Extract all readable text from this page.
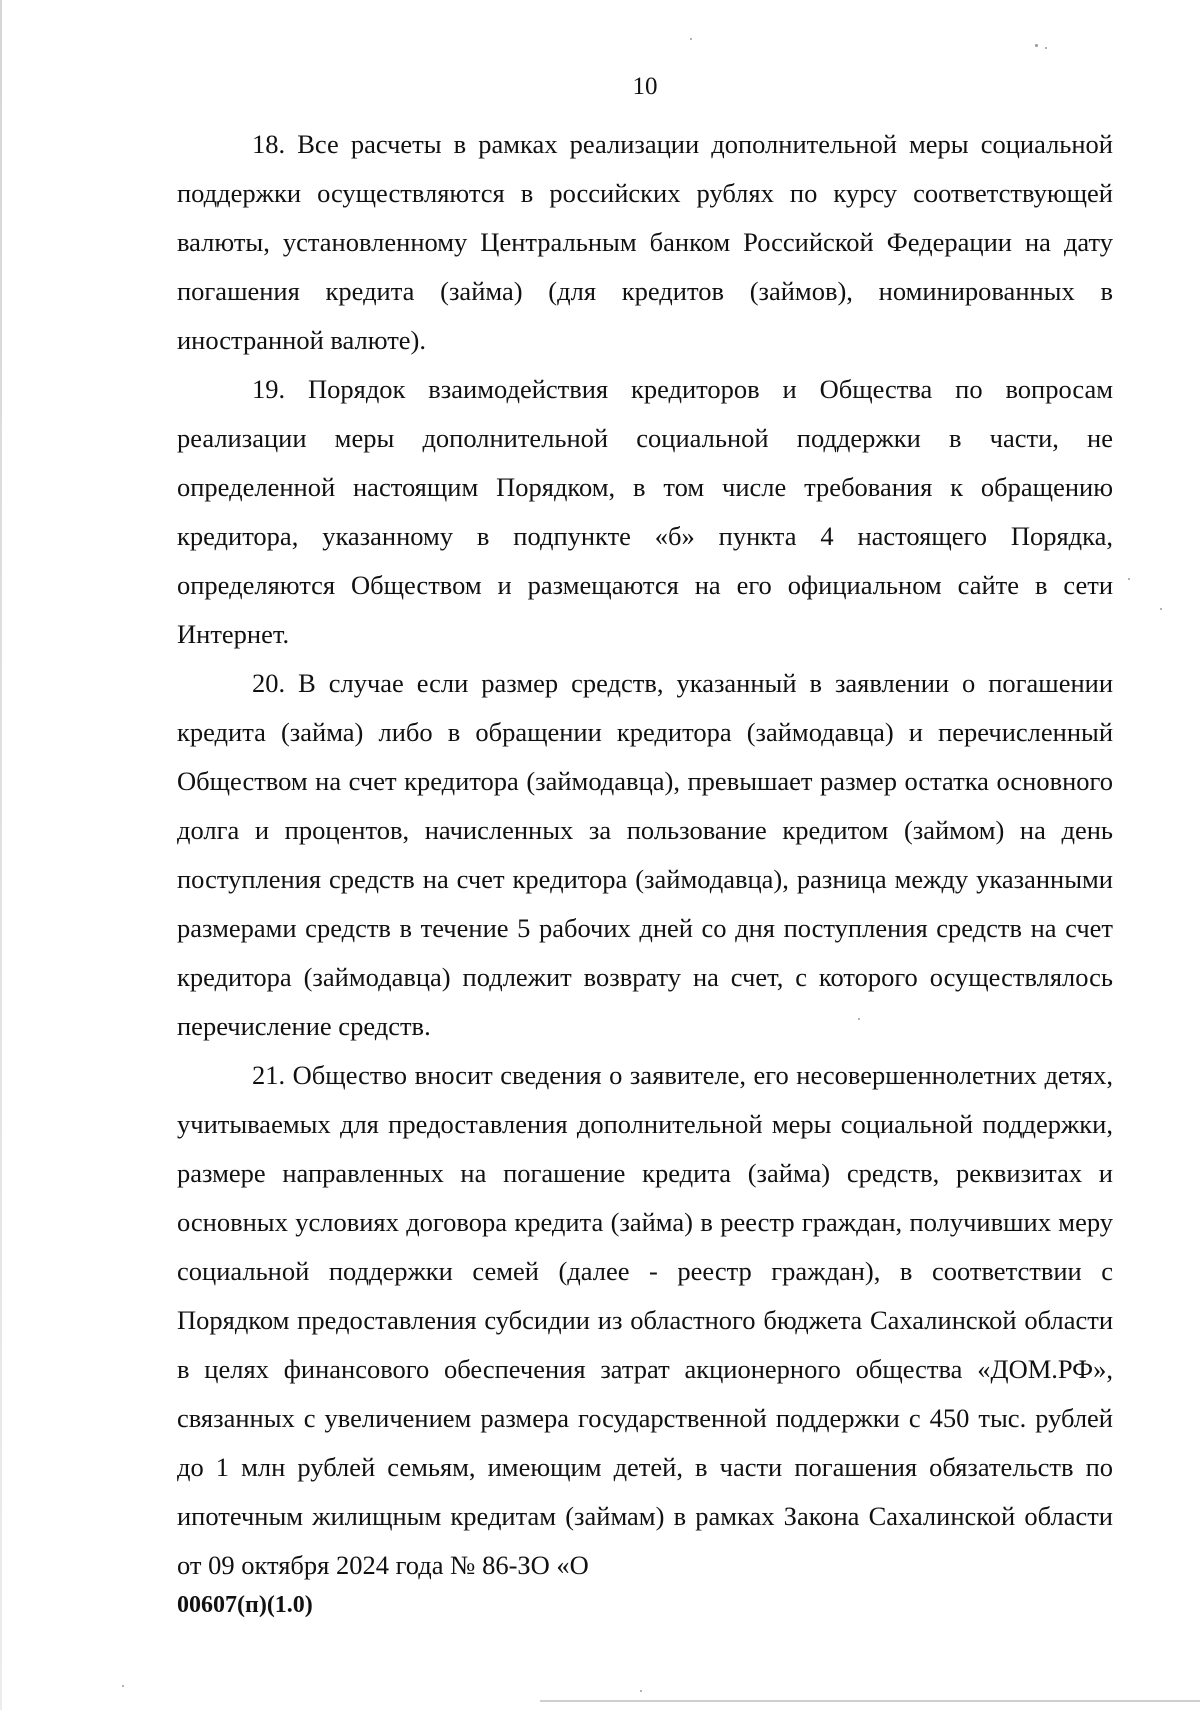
10

18. Все расчеты в рамках реализации дополнительной меры социальной поддержки осуществляются в российских рублях по курсу соответствующей валюты, установленному Центральным банком Российской Федерации на дату погашения кредита (займа) (для кредитов (займов), номинированных в иностранной валюте).

19. Порядок взаимодействия кредиторов и Общества по вопросам реализации меры дополнительной социальной поддержки в части, не определенной настоящим Порядком, в том числе требования к обращению кредитора, указанному в подпункте «б» пункта 4 настоящего Порядка, определяются Обществом и размещаются на его официальном сайте в сети Интернет.

20. В случае если размер средств, указанный в заявлении о погашении кредита (займа) либо в обращении кредитора (займодавца) и перечисленный Обществом на счет кредитора (займодавца), превышает размер остатка основного долга и процентов, начисленных за пользование кредитом (займом) на день поступления средств на счет кредитора (займодавца), разница между указанными размерами средств в течение 5 рабочих дней со дня поступления средств на счет кредитора (займодавца) подлежит возврату на счет, с которого осуществлялось перечисление средств.

21. Общество вносит сведения о заявителе, его несовершеннолетних детях, учитываемых для предоставления дополнительной меры социальной поддержки, размере направленных на погашение кредита (займа) средств, реквизитах и основных условиях договора кредита (займа) в реестр граждан, получивших меру социальной поддержки семей (далее - реестр граждан), в соответствии с Порядком предоставления субсидии из областного бюджета Сахалинской области в целях финансового обеспечения затрат акционерного общества «ДОМ.РФ», связанных с увеличением размера государственной поддержки с 450 тыс. рублей до 1 млн рублей семьям, имеющим детей, в части погашения обязательств по ипотечным жилищным кредитам (займам) в рамках Закона Сахалинской области от 09 октября 2024 года № 86-ЗО «О

00607(п)(1.0)
